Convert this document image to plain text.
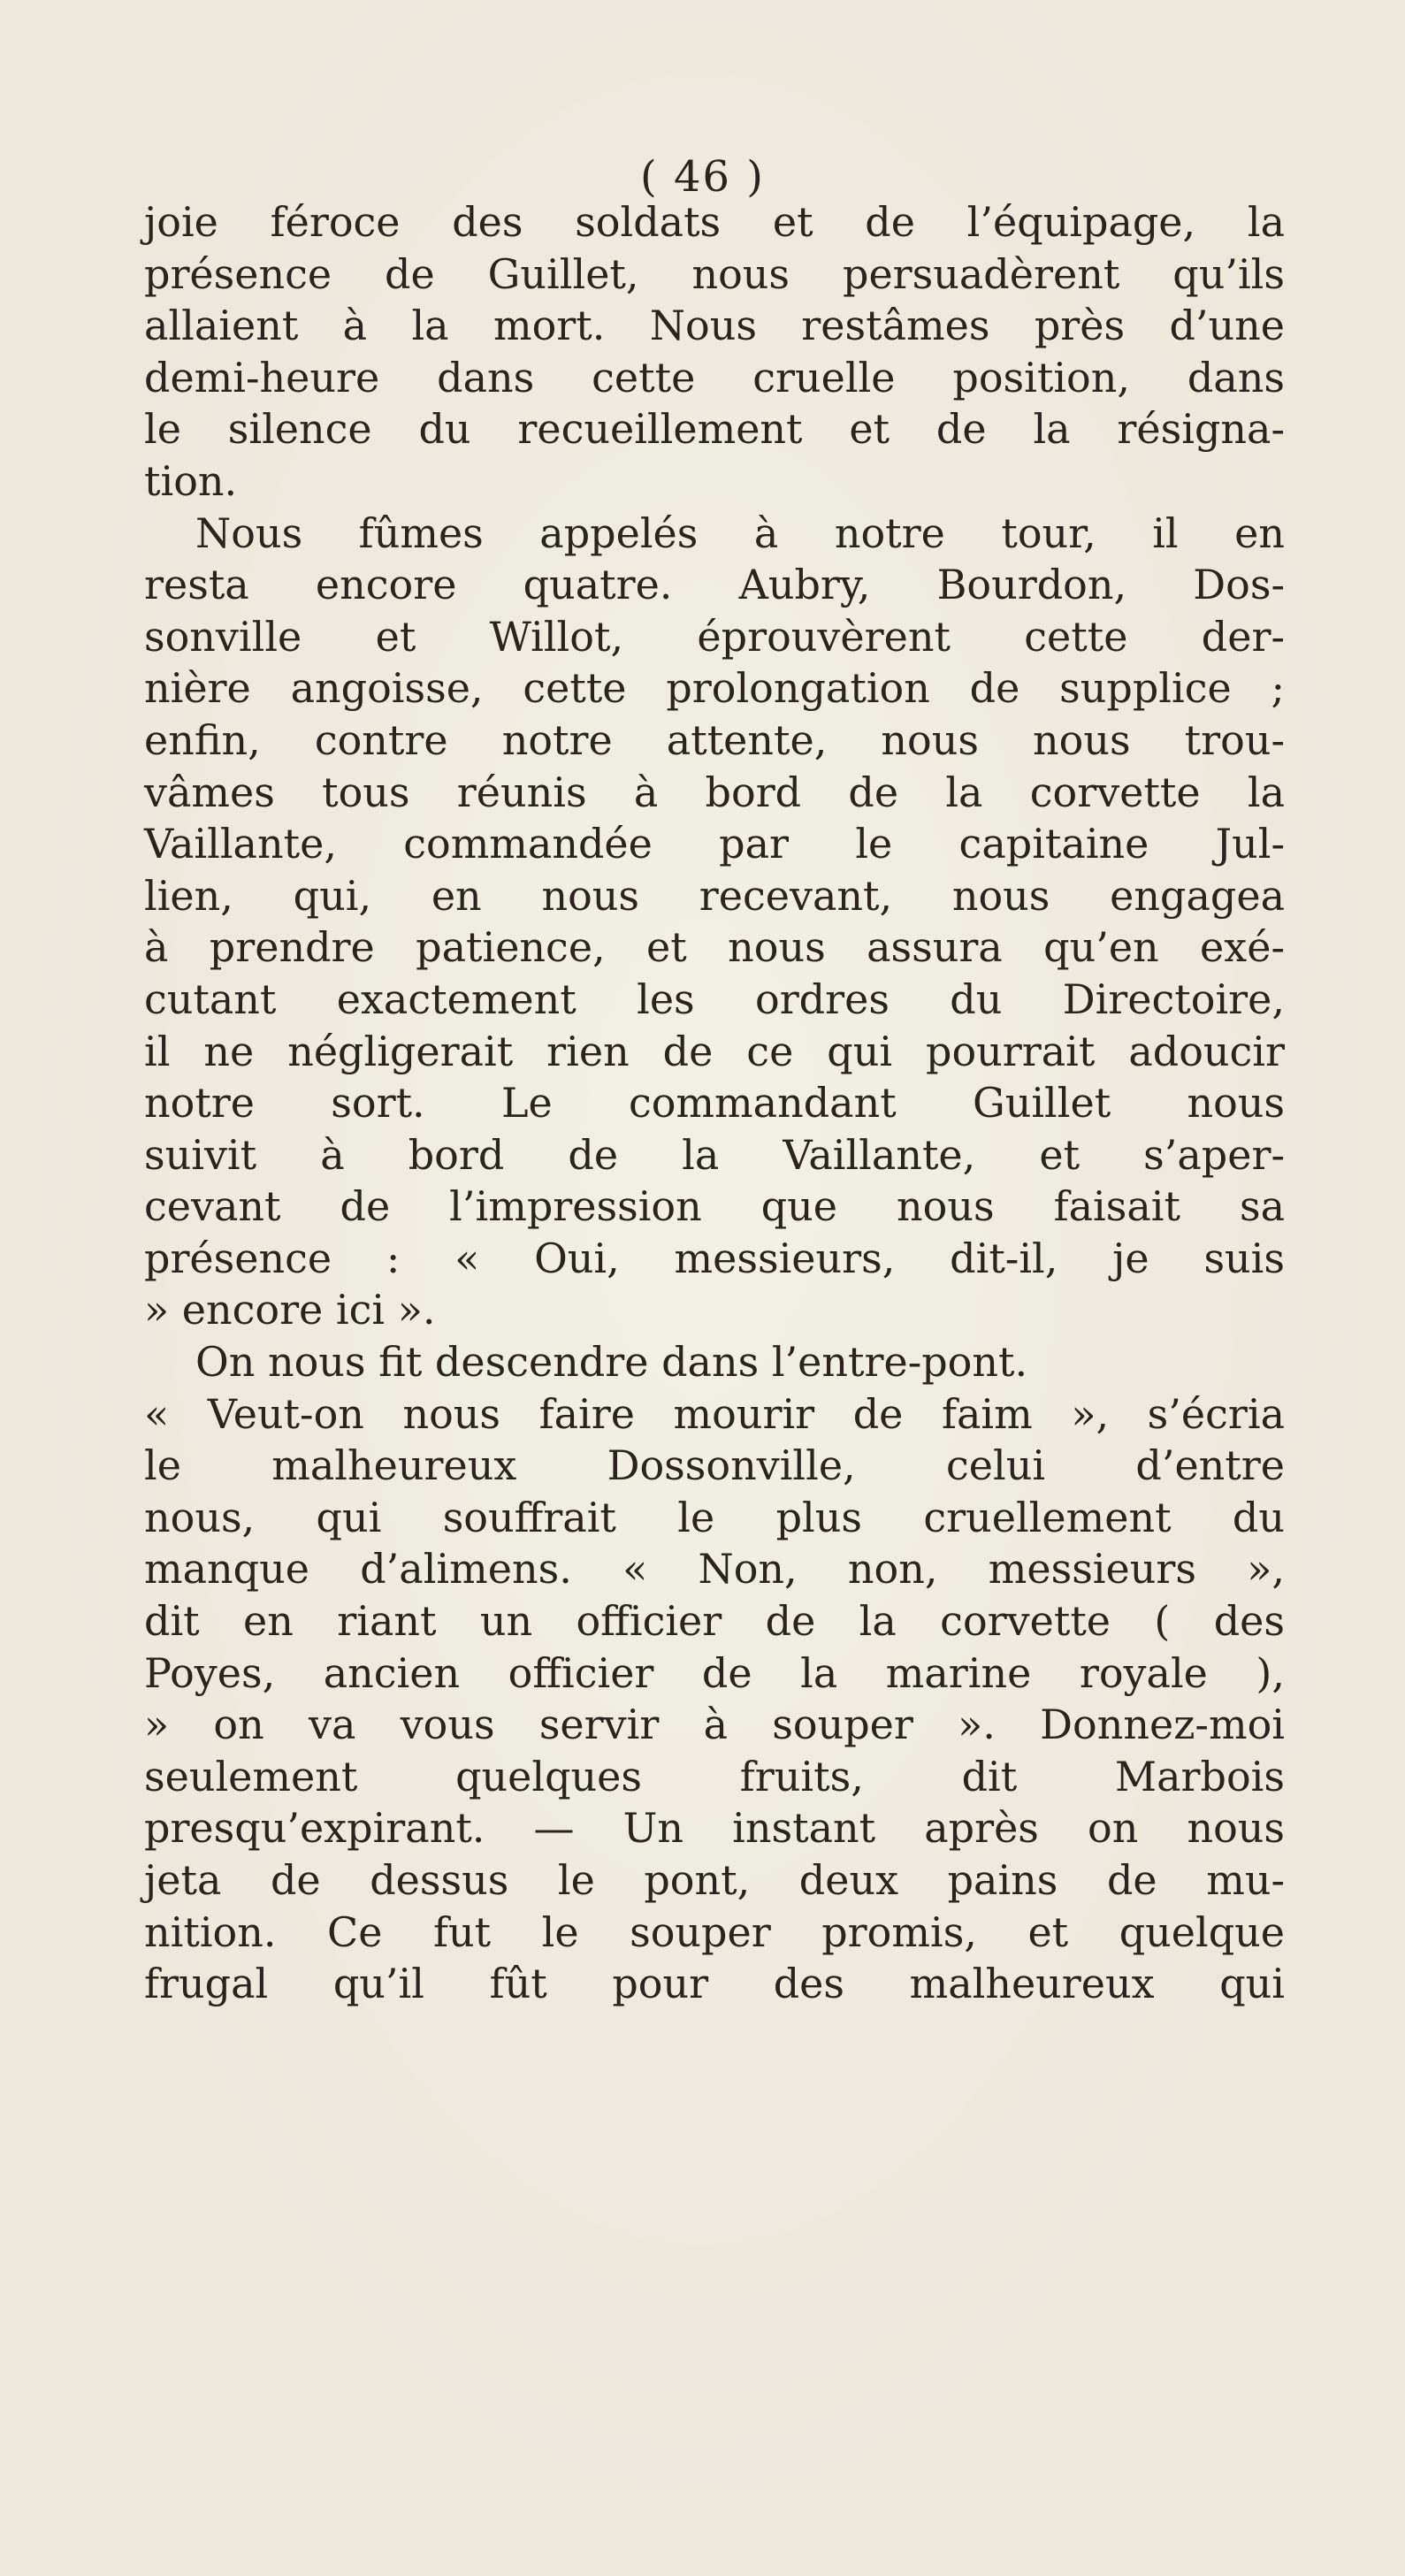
( 46 )
joie féroce des soldats et de l’équipage, la
présence de Guillet, nous persuadèrent qu’ils
allaient à la mort. Nous restâmes près d’une
demi-heure dans cette cruelle position, dans
le silence du recueillement et de la résigna-
tion.
Nous fûmes appelés à notre tour, il en
resta encore quatre. Aubry, Bourdon, Dos-
sonville et Willot, éprouvèrent cette der-
nière angoisse, cette prolongation de supplice ;
enfin, contre notre attente, nous nous trou-
vâmes tous réunis à bord de la corvette la
Vaillante, commandée par le capitaine Jul-
lien, qui, en nous recevant, nous engagea
à prendre patience, et nous assura qu’en exé-
cutant exactement les ordres du Directoire,
il ne négligerait rien de ce qui pourrait adoucir
notre sort. Le commandant Guillet nous
suivit à bord de la Vaillante, et s’aper-
cevant de l’impression que nous faisait sa
présence : « Oui, messieurs, dit-il, je suis
» encore ici ».
On nous fit descendre dans l’entre-pont.
« Veut-on nous faire mourir de faim », s’écria
le malheureux Dossonville, celui d’entre
nous, qui souffrait le plus cruellement du
manque d’alimens. « Non, non, messieurs »,
dit en riant un officier de la corvette ( des
Poyes, ancien officier de la marine royale ),
» on va vous servir à souper ». Donnez-moi
seulement quelques fruits, dit Marbois
presqu’expirant. — Un instant après on nous
jeta de dessus le pont, deux pains de mu-
nition. Ce fut le souper promis, et quelque
frugal qu’il fût pour des malheureux qui
